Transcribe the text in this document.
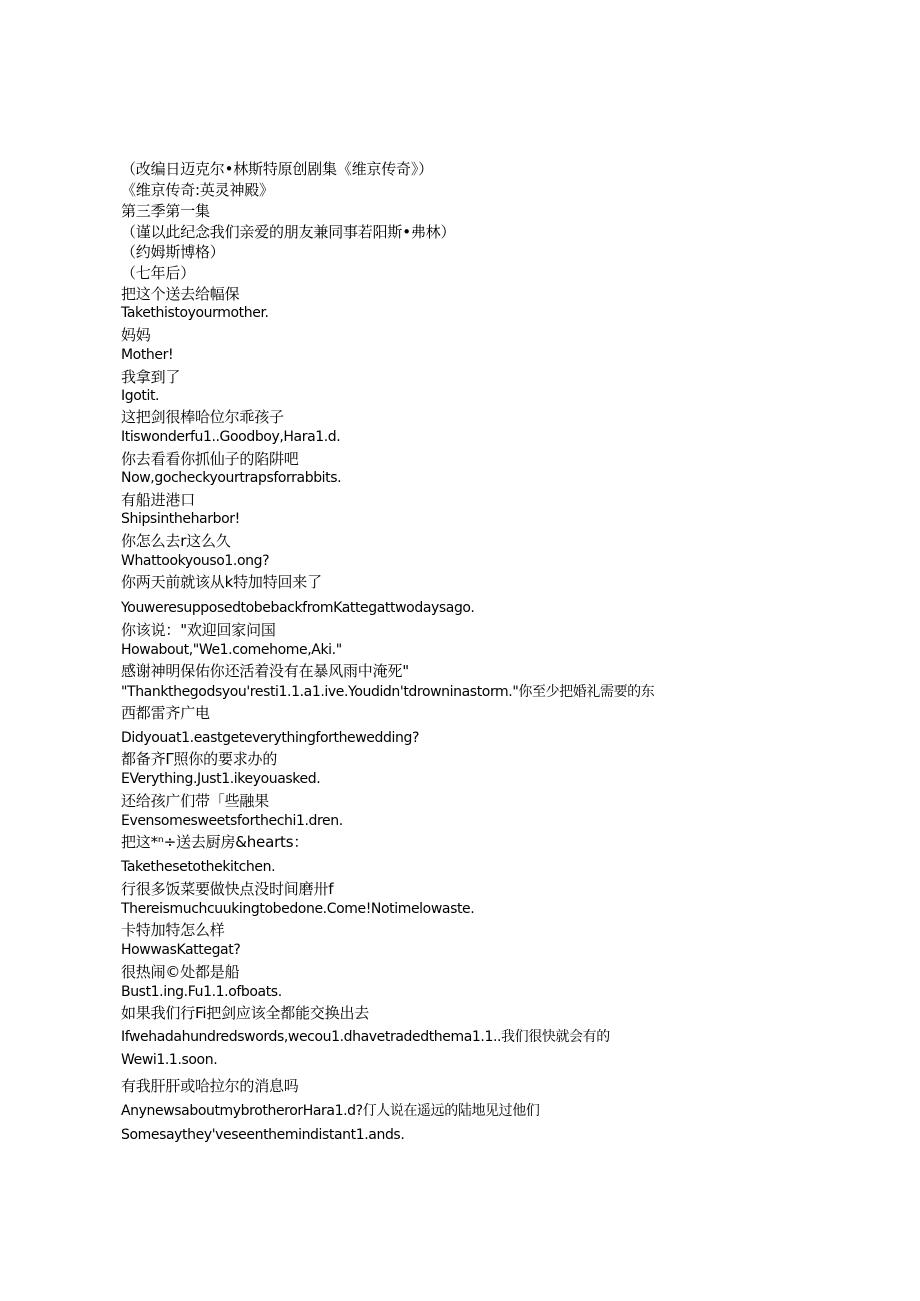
（改编日迈克尔•林斯特原创剧集《维京传奇》）
《维京传奇:英灵神殿》
第三季第一集
（谨以此纪念我们亲爱的朋友兼同事若阳斯•弗林）
（约姆斯博格）
（七年后）
把这个送去给幅保
Takethistoyourmother.
妈妈
Mother!
我拿到了
Igotit.
这把剑很棒哈位尔乖孩子
Itiswonderfu1..Goodboy,Hara1.d.
你去看看你抓仙子的陷阱吧
Now,gocheckyourtrapsforrabbits.
有船进港口
Shipsintheharbor!
你怎么去r这么久
Whattookyouso1.ong?
你两天前就该从k特加特回来了
YouweresupposedtobebackfromKattegattwodaysago.
你该说："欢迎回家问国
Howabout,"We1.comehome,Aki."
感谢神明保佑你还活着没有在暴风雨中淹死"
"Thankthegodsyou'resti1.1.a1.ive.Youdidn'tdrowninastorm."你至少把婚礼需要的东
西都雷齐广电
Didyouat1.eastgeteverythingforthewedding?
都备齐Γ照你的要求办的
EVerything.Just1.ikeyouasked.
还给孩广们带「些融果
Evensomesweetsforthechi1.dren.
把这*ⁿ÷送去厨房&hearts：
Takethesetothekitchen.
行很多饭菜要做快点没时间磨卅f
Thereismuchcuukingtobedone.Come!Notimelowaste.
卡特加特怎么样
HowwasKattegat?
很热闹©处都是船
Bust1.ing.Fu1.1.ofboats.
如果我们行Fi把剑应该全都能交换出去
Ifwehadahundredswords,wecou1.dhavetradedthema1.1..我们很快就会有的
Wewi1.1.soon.
有我肝肝或哈拉尔的消息吗
AnynewsaboutmybrotherorHara1.d?仃人说在遥远的陆地见过他们
Somesaythey'veseenthemindistant1.ands.
